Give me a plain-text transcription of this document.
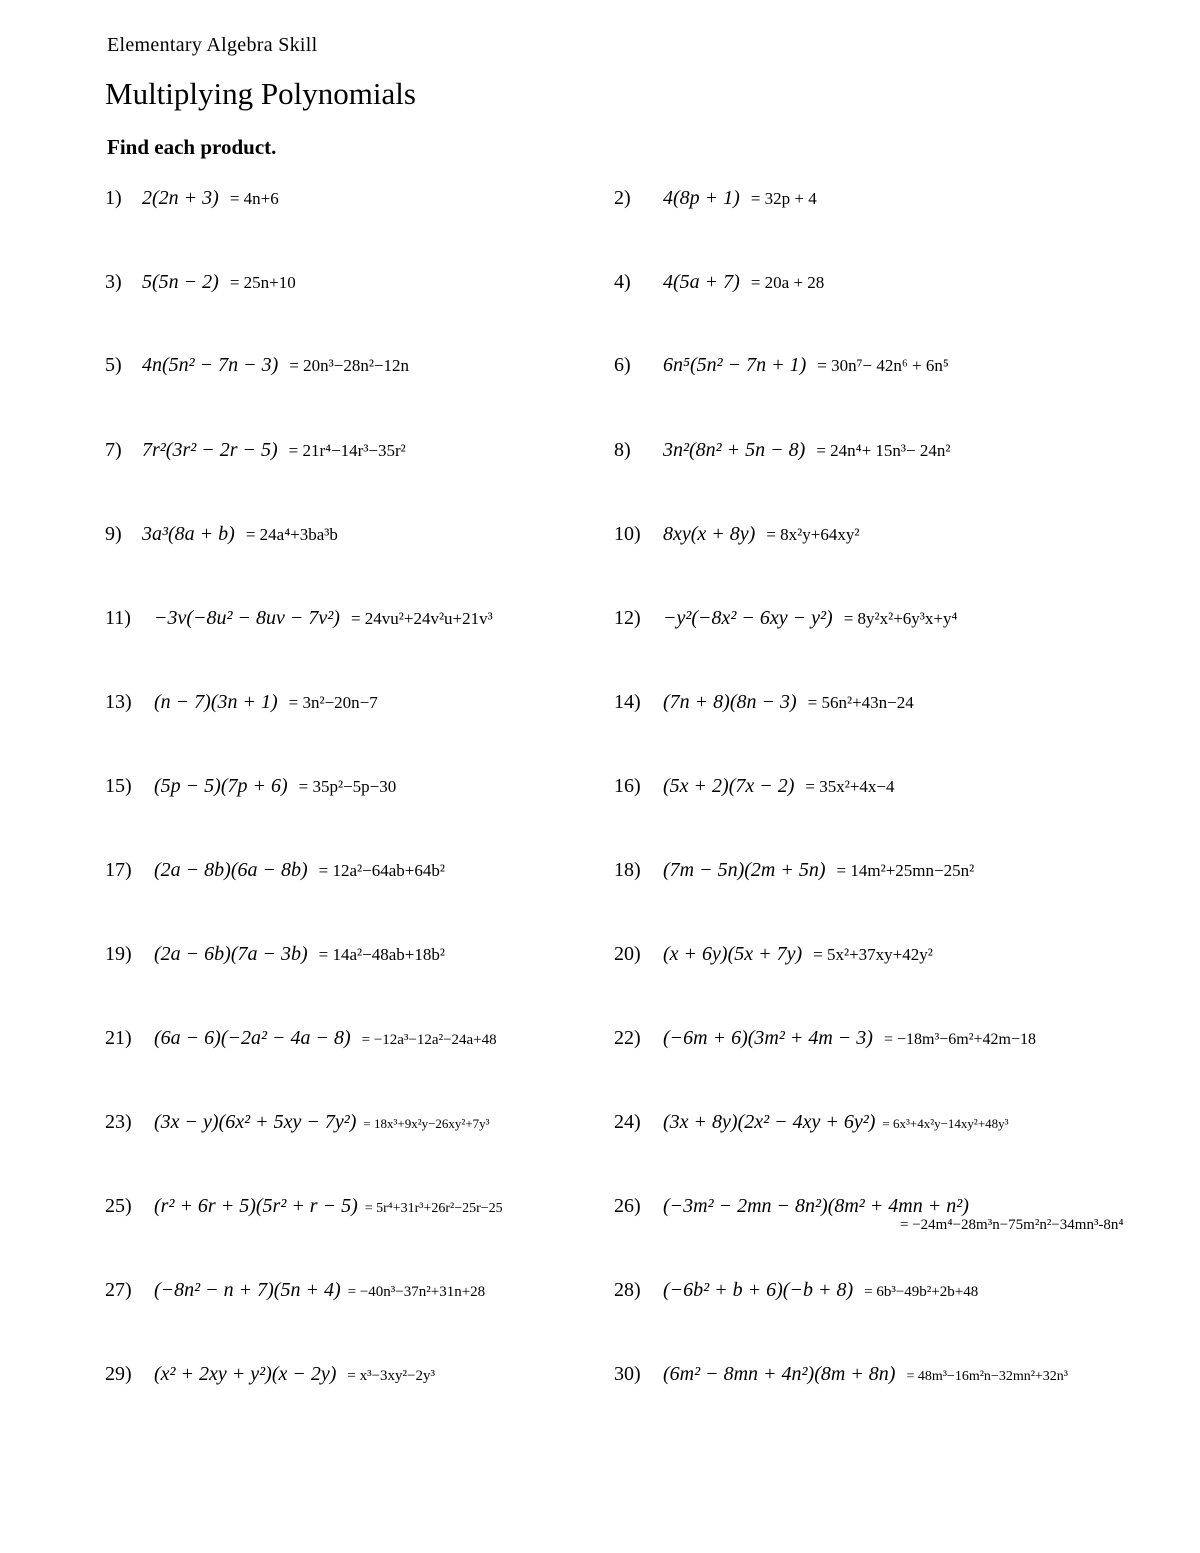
Elementary Algebra Skill
Multiplying Polynomials
Find each product.
1) 2(2n + 3) = 4n+6	2) 4(8p + 1) = 32p + 4
3) 5(5n − 2) = 25n+10	4) 4(5a + 7) = 20a + 28
5) 4n(5n² − 7n − 3) = 20n³−28n²−12n	6) 6n⁵(5n² − 7n + 1) = 30n⁷− 42n⁶ + 6n⁵
7) 7r²(3r² − 2r − 5) = 21r⁴−14r³−35r²	8) 3n²(8n² + 5n − 8) = 24n⁴+ 15n³− 24n²
9) 3a³(8a + b) = 24a⁴+3ba³b	10) 8xy(x + 8y) = 8x²y+64xy²
11) −3v(−8u² − 8uv − 7v²) = 24vu²+24v²u+21v³	12) −y²(−8x² − 6xy − y²) = 8y²x²+6y³x+y⁴
13) (n − 7)(3n + 1) = 3n²−20n−7	14) (7n + 8)(8n − 3) = 56n²+43n−24
15) (5p − 5)(7p + 6) = 35p²−5p−30	16) (5x + 2)(7x − 2) = 35x²+4x−4
17) (2a − 8b)(6a − 8b) = 12a²−64ab+64b²	18) (7m − 5n)(2m + 5n) = 14m²+25mn−25n²
19) (2a − 6b)(7a − 3b) = 14a²−48ab+18b²	20) (x + 6y)(5x + 7y) = 5x²+37xy+42y²
21) (6a − 6)(−2a² − 4a − 8) = −12a³−12a²−24a+48	22) (−6m + 6)(3m² + 4m − 3) = −18m³−6m²+42m−18
23) (3x − y)(6x² + 5xy − 7y²) = 18x³+9x²y−26xy²+7y³	24) (3x + 8y)(2x² − 4xy + 6y²) = 6x³+4x²y−14xy²+48y³
25) (r² + 6r + 5)(5r² + r − 5) = 5r⁴+31r³+26r²−25r−25	26) (−3m² − 2mn − 8n²)(8m² + 4mn + n²)
= −24m⁴−28m³n−75m²n²−34mn³-8n⁴
27) (−8n² − n + 7)(5n + 4) = −40n³−37n²+31n+28	28) (−6b² + b + 6)(−b + 8) = 6b³−49b²+2b+48
29) (x² + 2xy + y²)(x − 2y) = x³−3xy²−2y³	30) (6m² − 8mn + 4n²)(8m + 8n) = 48m³−16m²n−32mn²+32n³
